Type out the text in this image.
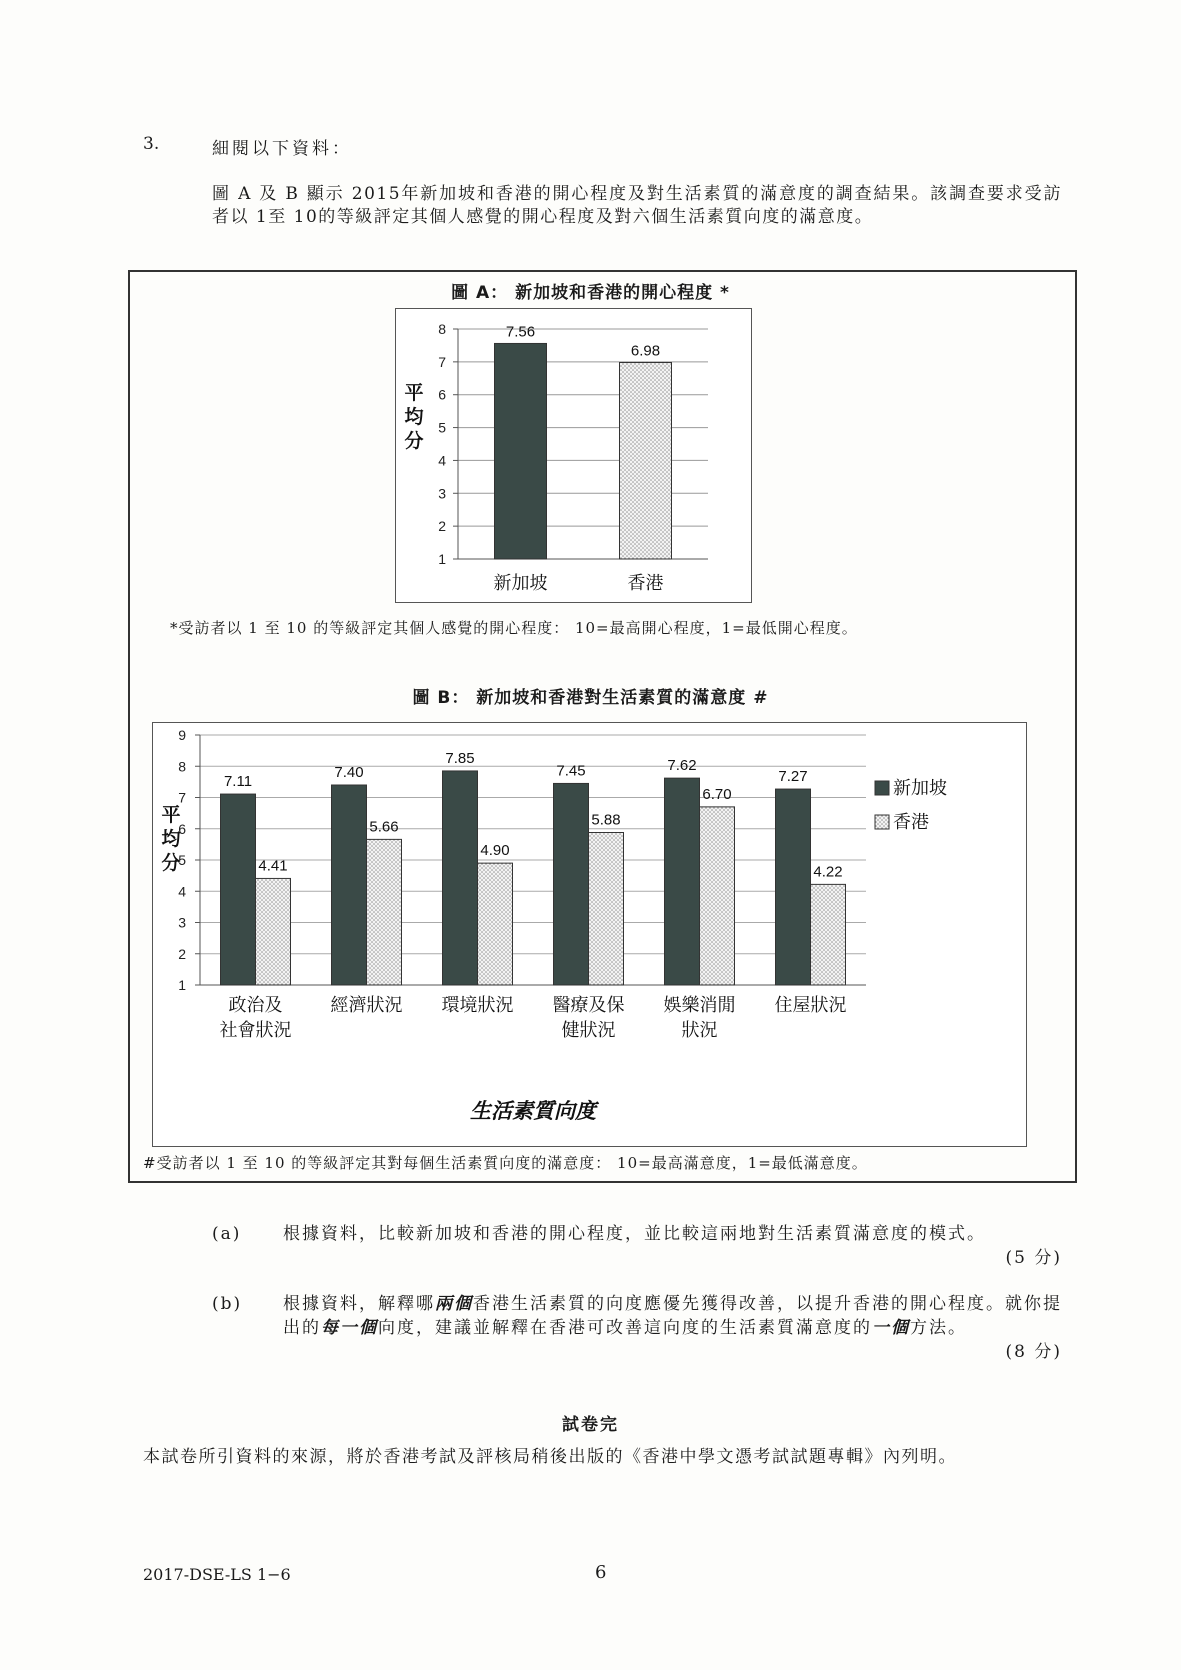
3.	細閱以下資料：
圖 A 及 B 顯示 2015年新加坡和香港的開心程度及對生活素質的滿意度的調查結果。該調查要求受訪者以 1至 10的等級評定其個人感覺的開心程度及對六個生活素質向度的滿意度。
圖 A： 新加坡和香港的開心程度 *
1
2
3
4
5
6
7
8	7.56
新加坡
6.98
香港
平
均
分
*受訪者以 1 至 10 的等級評定其個人感覺的開心程度： 10=最高開心程度，1=最低開心程度。
圖 B： 新加坡和香港對生活素質的滿意度 #
1
2
3
4
5
6
7
8
9
7.11
4.41
政治及
社會狀況
7.40
5.66
經濟狀況
7.85
4.90
環境狀況
7.45
5.88
醫療及保
健狀況
7.62
6.70
娛樂消閒
狀況
7.27
4.22
住屋狀況
平
均
分
生活素質向度
新加坡
香港
#受訪者以 1 至 10 的等級評定其對每個生活素質向度的滿意度： 10=最高滿意度，1=最低滿意度。
(a) 根據資料，比較新加坡和香港的開心程度，並比較這兩地對生活素質滿意度的模式。
(5 分)
(b) 根據資料，解釋哪兩個香港生活素質的向度應優先獲得改善，以提升香港的開心程度。就你提出的每一個向度，建議並解釋在香港可改善這向度的生活素質滿意度的一個方法。
(8 分)
試卷完
本試卷所引資料的來源，將於香港考試及評核局稍後出版的《香港中學文憑考試試題專輯》內列明。
2017-DSE-LS 1−6	6
